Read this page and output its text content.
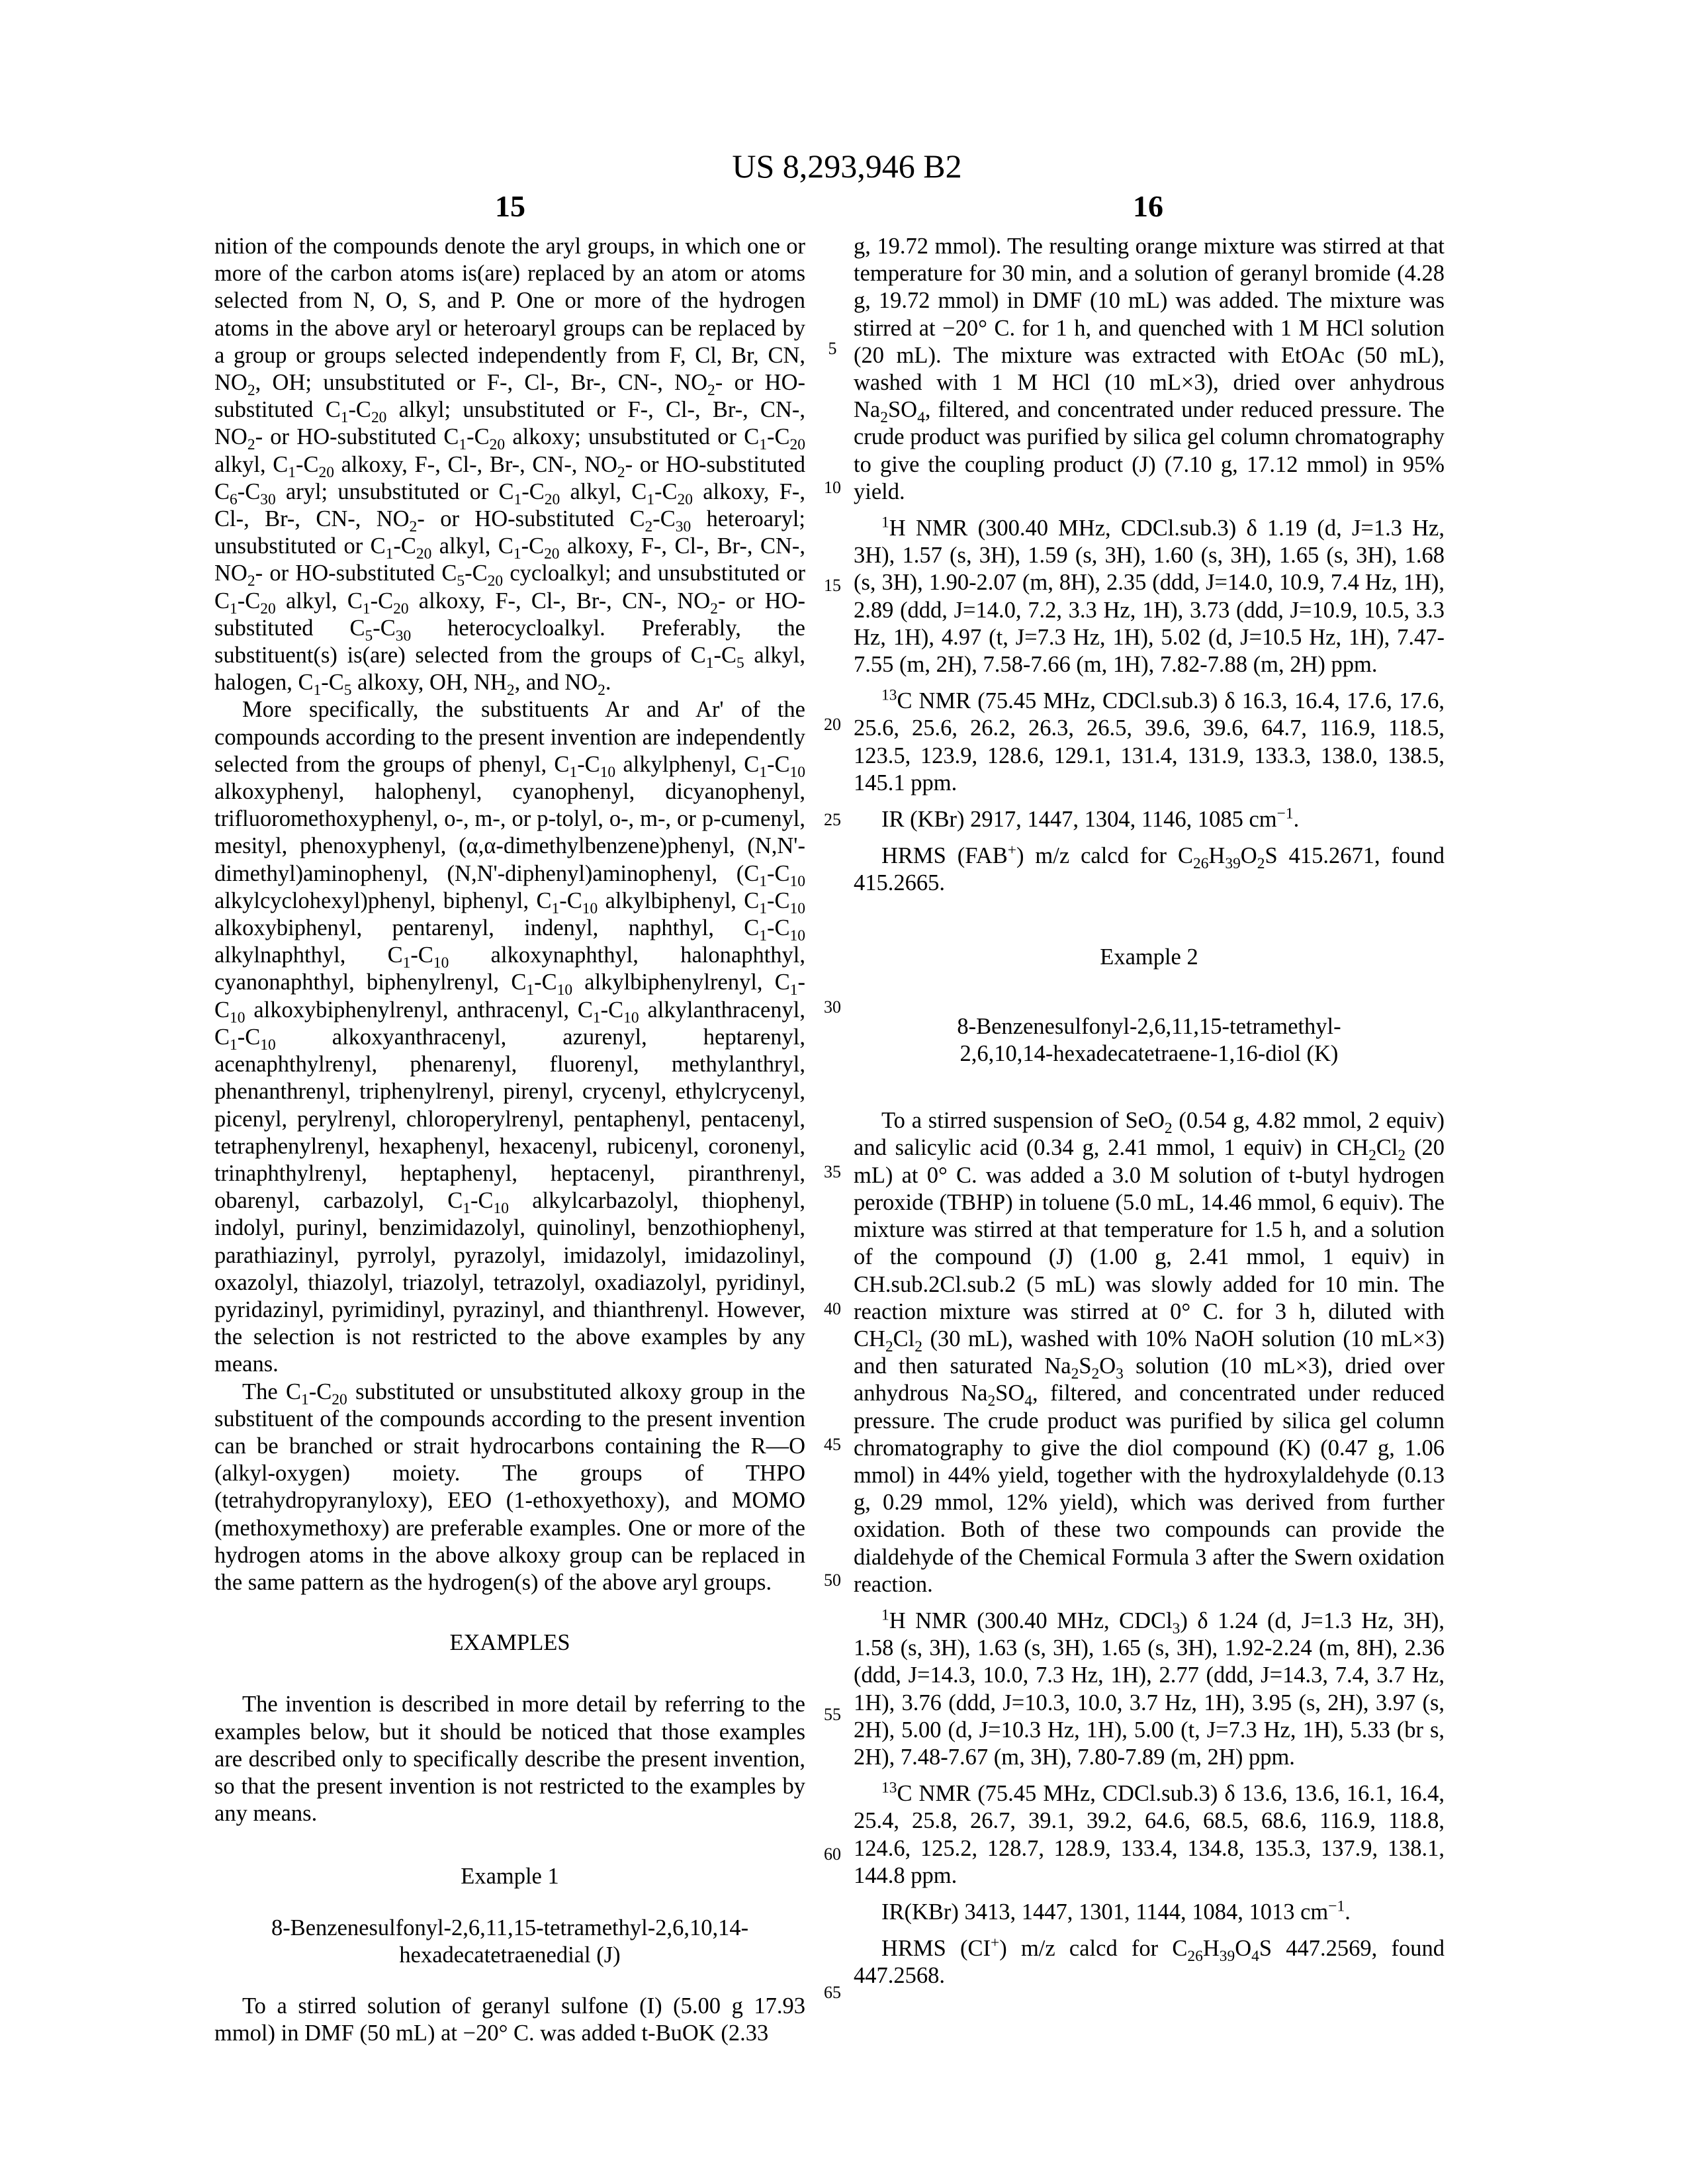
US 8,293,946 B2
15	16
5
10
15
20
25
30
35
40
45
50
55
60
65

nition of the compounds denote the aryl groups, in which one or more of the carbon atoms is(are) replaced by an atom or atoms selected from N, O, S, and P. One or more of the hydrogen atoms in the above aryl or heteroaryl groups can be replaced by a group or groups selected independently from F, Cl, Br, CN, NO2, OH; unsubstituted or F-, Cl-, Br-, CN-, NO2- or HO-substituted C1-C20 alkyl; unsubstituted or F-, Cl-, Br-, CN-, NO2- or HO-substituted C1-C20 alkoxy; unsubstituted or C1-C20 alkyl, C1-C20 alkoxy, F-, Cl-, Br-, CN-, NO2- or HO-substituted C6-C30 aryl; unsubstituted or C1-C20 alkyl, C1-C20 alkoxy, F-, Cl-, Br-, CN-, NO2- or HO-substituted C2-C30 heteroaryl; unsubstituted or C1-C20 alkyl, C1-C20 alkoxy, F-, Cl-, Br-, CN-, NO2- or HO-substituted C5-C20 cycloalkyl; and unsubstituted or C1-C20 alkyl, C1-C20 alkoxy, F-, Cl-, Br-, CN-, NO2- or HO-substituted C5-C30 heterocycloalkyl. Preferably, the substituent(s) is(are) selected from the groups of C1-C5 alkyl, halogen, C1-C5 alkoxy, OH, NH2, and NO2.

More specifically, the substituents Ar and Ar' of the compounds according to the present invention are independently selected from the groups of phenyl, C1-C10 alkylphenyl, C1-C10 alkoxyphenyl, halophenyl, cyanophenyl, dicyanophenyl, trifluoromethoxyphenyl, o-, m-, or p-tolyl, o-, m-, or p-cumenyl, mesityl, phenoxyphenyl, (α,α-dimethylbenzene)phenyl, (N,N'-dimethyl)aminophenyl, (N,N'-diphenyl)aminophenyl, (C1-C10 alkylcyclohexyl)phenyl, biphenyl, C1-C10 alkylbiphenyl, C1-C10 alkoxybiphenyl, pentarenyl, indenyl, naphthyl, C1-C10 alkylnaphthyl, C1-C10 alkoxynaphthyl, halonaphthyl, cyanonaphthyl, biphenylrenyl, C1-C10 alkylbiphenylrenyl, C1-C10 alkoxybiphenylrenyl, anthracenyl, C1-C10 alkylanthracenyl, C1-C10 alkoxyanthracenyl, azurenyl, heptarenyl, acenaphthylrenyl, phenarenyl, fluorenyl, methylanthryl, phenanthrenyl, triphenylrenyl, pirenyl, crycenyl, ethylcrycenyl, picenyl, perylrenyl, chloroperylrenyl, pentaphenyl, pentacenyl, tetraphenylrenyl, hexaphenyl, hexacenyl, rubicenyl, coronenyl, trinaphthylrenyl, heptaphenyl, heptacenyl, piranthrenyl, obarenyl, carbazolyl, C1-C10 alkylcarbazolyl, thiophenyl, indolyl, purinyl, benzimidazolyl, quinolinyl, benzothiophenyl, parathiazinyl, pyrrolyl, pyrazolyl, imidazolyl, imidazolinyl, oxazolyl, thiazolyl, triazolyl, tetrazolyl, oxadiazolyl, pyridinyl, pyridazinyl, pyrimidinyl, pyrazinyl, and thianthrenyl. However, the selection is not restricted to the above examples by any means.

The C1-C20 substituted or unsubstituted alkoxy group in the substituent of the compounds according to the present invention can be branched or strait hydrocarbons containing the R—O (alkyl-oxygen) moiety. The groups of THPO (tetrahydropyranyloxy), EEO (1-ethoxyethoxy), and MOMO (methoxymethoxy) are preferable examples. One or more of the hydrogen atoms in the above alkoxy group can be replaced in the same pattern as the hydrogen(s) of the above aryl groups.

EXAMPLES

The invention is described in more detail by referring to the examples below, but it should be noticed that those examples are described only to specifically describe the present invention, so that the present invention is not restricted to the examples by any means.

Example 1

8-Benzenesulfonyl-2,6,11,15-tetramethyl-2,6,10,14-hexadecatetraenedial (J)

To a stirred solution of geranyl sulfone (I) (5.00 g 17.93 mmol) in DMF (50 mL) at −20° C. was added t-BuOK (2.33

g, 19.72 mmol). The resulting orange mixture was stirred at that temperature for 30 min, and a solution of geranyl bromide (4.28 g, 19.72 mmol) in DMF (10 mL) was added. The mixture was stirred at −20° C. for 1 h, and quenched with 1 M HCl solution (20 mL). The mixture was extracted with EtOAc (50 mL), washed with 1 M HCl (10 mL×3), dried over anhydrous Na2SO4, filtered, and concentrated under reduced pressure. The crude product was purified by silica gel column chromatography to give the coupling product (J) (7.10 g, 17.12 mmol) in 95% yield.

1H NMR (300.40 MHz, CDCl.sub.3) δ 1.19 (d, J=1.3 Hz, 3H), 1.57 (s, 3H), 1.59 (s, 3H), 1.60 (s, 3H), 1.65 (s, 3H), 1.68 (s, 3H), 1.90-2.07 (m, 8H), 2.35 (ddd, J=14.0, 10.9, 7.4 Hz, 1H), 2.89 (ddd, J=14.0, 7.2, 3.3 Hz, 1H), 3.73 (ddd, J=10.9, 10.5, 3.3 Hz, 1H), 4.97 (t, J=7.3 Hz, 1H), 5.02 (d, J=10.5 Hz, 1H), 7.47-7.55 (m, 2H), 7.58-7.66 (m, 1H), 7.82-7.88 (m, 2H) ppm.

13C NMR (75.45 MHz, CDCl.sub.3) δ 16.3, 16.4, 17.6, 17.6, 25.6, 25.6, 26.2, 26.3, 26.5, 39.6, 39.6, 64.7, 116.9, 118.5, 123.5, 123.9, 128.6, 129.1, 131.4, 131.9, 133.3, 138.0, 138.5, 145.1 ppm.

IR (KBr) 2917, 1447, 1304, 1146, 1085 cm−1.

HRMS (FAB+) m/z calcd for C26H39O2S 415.2671, found 415.2665.

Example 2

8-Benzenesulfonyl-2,6,11,15-tetramethyl-2,6,10,14-hexadecatetraene-1,16-diol (K)

To a stirred suspension of SeO2 (0.54 g, 4.82 mmol, 2 equiv) and salicylic acid (0.34 g, 2.41 mmol, 1 equiv) in CH2Cl2 (20 mL) at 0° C. was added a 3.0 M solution of t-butyl hydrogen peroxide (TBHP) in toluene (5.0 mL, 14.46 mmol, 6 equiv). The mixture was stirred at that temperature for 1.5 h, and a solution of the compound (J) (1.00 g, 2.41 mmol, 1 equiv) in CH.sub.2Cl.sub.2 (5 mL) was slowly added for 10 min. The reaction mixture was stirred at 0° C. for 3 h, diluted with CH2Cl2 (30 mL), washed with 10% NaOH solution (10 mL×3) and then saturated Na2S2O3 solution (10 mL×3), dried over anhydrous Na2SO4, filtered, and concentrated under reduced pressure. The crude product was purified by silica gel column chromatography to give the diol compound (K) (0.47 g, 1.06 mmol) in 44% yield, together with the hydroxylaldehyde (0.13 g, 0.29 mmol, 12% yield), which was derived from further oxidation. Both of these two compounds can provide the dialdehyde of the Chemical Formula 3 after the Swern oxidation reaction.

1H NMR (300.40 MHz, CDCl3) δ 1.24 (d, J=1.3 Hz, 3H), 1.58 (s, 3H), 1.63 (s, 3H), 1.65 (s, 3H), 1.92-2.24 (m, 8H), 2.36 (ddd, J=14.3, 10.0, 7.3 Hz, 1H), 2.77 (ddd, J=14.3, 7.4, 3.7 Hz, 1H), 3.76 (ddd, J=10.3, 10.0, 3.7 Hz, 1H), 3.95 (s, 2H), 3.97 (s, 2H), 5.00 (d, J=10.3 Hz, 1H), 5.00 (t, J=7.3 Hz, 1H), 5.33 (br s, 2H), 7.48-7.67 (m, 3H), 7.80-7.89 (m, 2H) ppm.

13C NMR (75.45 MHz, CDCl.sub.3) δ 13.6, 13.6, 16.1, 16.4, 25.4, 25.8, 26.7, 39.1, 39.2, 64.6, 68.5, 68.6, 116.9, 118.8, 124.6, 125.2, 128.7, 128.9, 133.4, 134.8, 135.3, 137.9, 138.1, 144.8 ppm.

IR(KBr) 3413, 1447, 1301, 1144, 1084, 1013 cm−1.

HRMS (CI+) m/z calcd for C26H39O4S 447.2569, found 447.2568.
